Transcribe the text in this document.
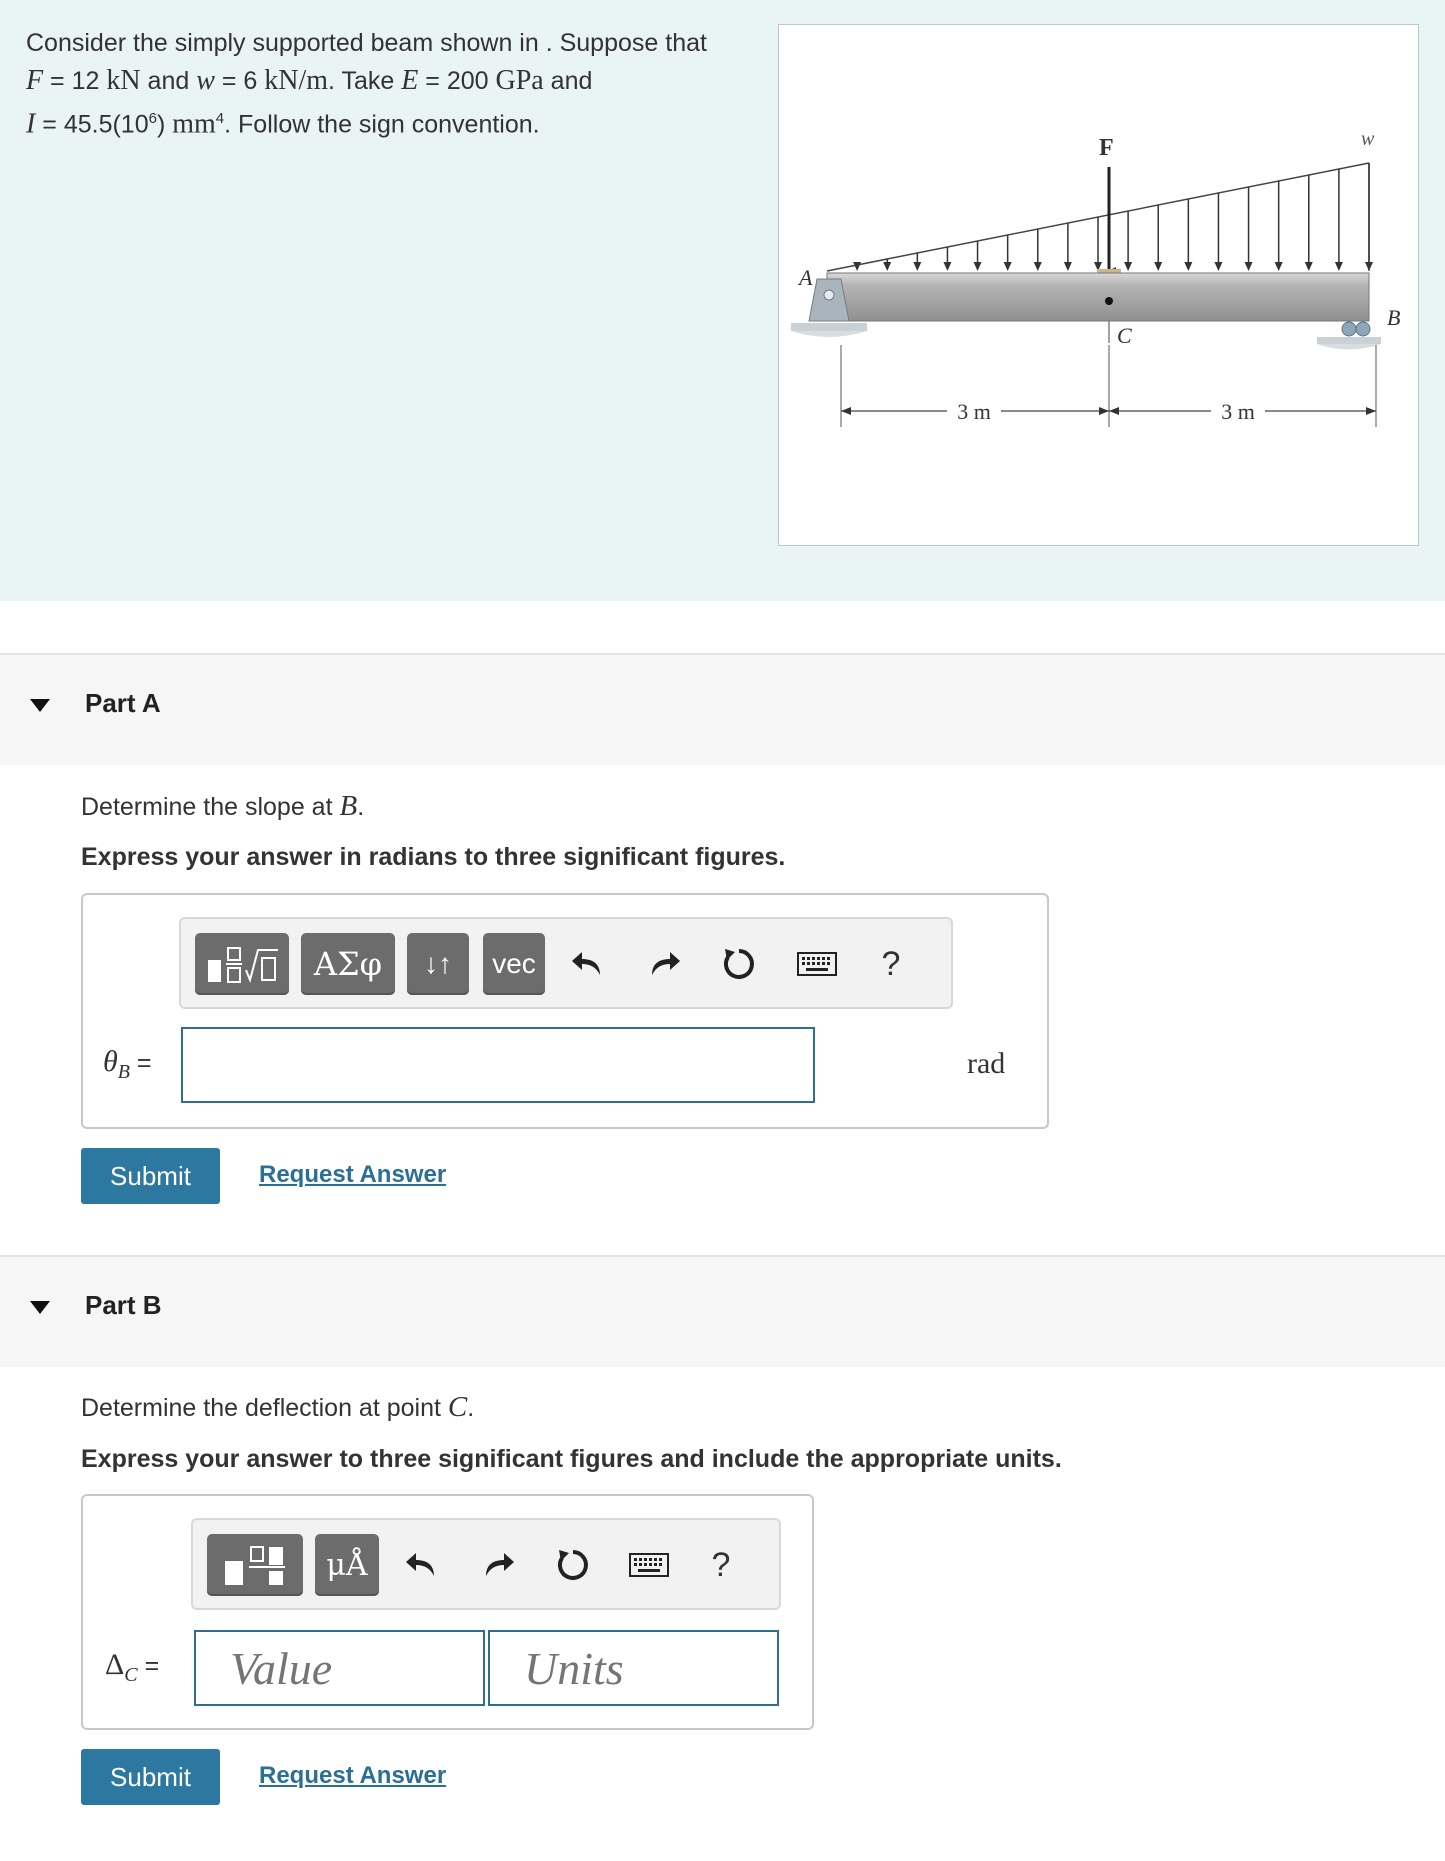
Consider the simply supported beam shown in . Suppose that
F = 12 kN and w = 6 kN/m. Take E = 200 GPa and
$I = 45.5(10^6)$ $mm^4$. Follow the sign convention.
A
B
C
F	w
3 m	3 m
Part A
Determine the slope at B.
Express your answer in radians to three significant figures.
ΑΣφ	↓↑	vec	?
$\theta_B$ =	rad
Submit	Request Answer
Part B
Determine the deflection at point C.
Express your answer to three significant figures and include the appropriate units.
μÅ	?
$\Delta_C$ =
Value
Units
Submit	Request Answer
